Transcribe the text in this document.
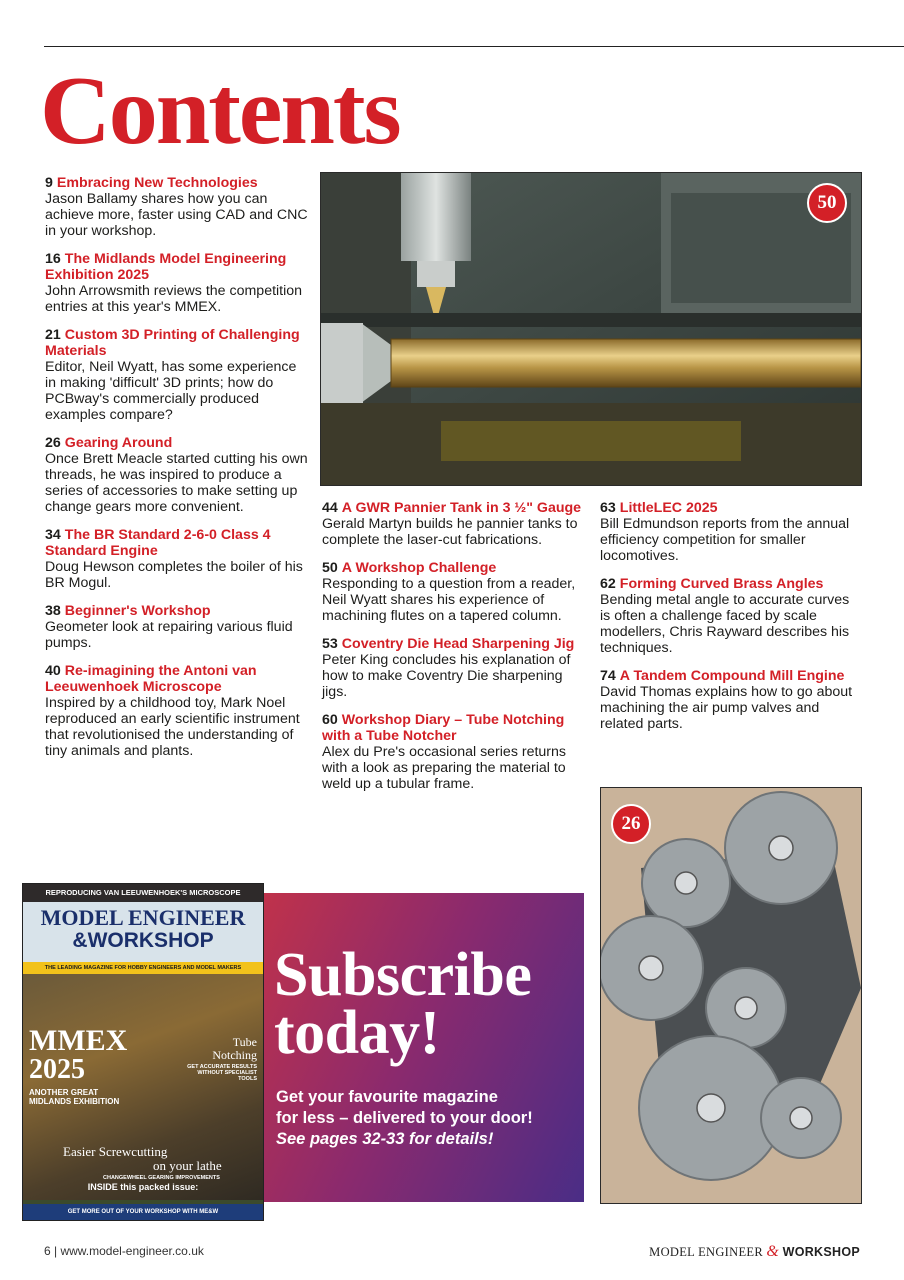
Contents
9 Embracing New Technologies
Jason Ballamy shares how you can achieve more, faster using CAD and CNC in your workshop.
16 The Midlands Model Engineering Exhibition 2025
John Arrowsmith reviews the competition entries at this year's MMEX.
21 Custom 3D Printing of Challenging Materials
Editor, Neil Wyatt, has some experience in making 'difficult' 3D prints; how do PCBway's commercially produced examples compare?
26 Gearing Around
Once Brett Meacle started cutting his own threads, he was inspired to produce a series of accessories to make setting up change gears more convenient.
34 The BR Standard 2-6-0 Class 4 Standard Engine
Doug Hewson completes the boiler of his BR Mogul.
38 Beginner's Workshop
Geometer look at repairing various fluid pumps.
40 Re-imagining the Antoni van Leeuwenhoek Microscope
Inspired by a childhood toy, Mark Noel reproduced an early scientific instrument that revolutionised the understanding of tiny animals and plants.
44 A GWR Pannier Tank in 3 ½" Gauge
Gerald Martyn builds he pannier tanks to complete the laser-cut fabrications.
50 A Workshop Challenge
Responding to a question from a reader, Neil Wyatt shares his experience of machining flutes on a tapered column.
53 Coventry Die Head Sharpening Jig
Peter King concludes his explanation of how to make Coventry Die sharpening jigs.
60 Workshop Diary – Tube Notching with a Tube Notcher
Alex du Pre's occasional series returns with a look as preparing the material to weld up a tubular frame.
63 LittleLEC 2025
Bill Edmundson reports from the annual efficiency competition for smaller locomotives.
62 Forming Curved Brass Angles
Bending metal angle to accurate curves is often a challenge faced by scale modellers, Chris Rayward describes his techniques.
74 A Tandem Compound Mill Engine
David Thomas explains how to go about machining the air pump valves and related parts.
50
26
Subscribe
today!
Get your favourite magazine
for less – delivered to your door!
See pages 32-33 for details!
REPRODUCING VAN LEEUWENHOEK'S MICROSCOPE
MODEL ENGINEER
&WORKSHOP
THE LEADING MAGAZINE FOR HOBBY ENGINEERS AND MODEL MAKERS
MMEX
2025
ANOTHER GREAT
MIDLANDS EXHIBITION
Tube Notching
GET ACCURATE RESULTS WITHOUT SPECIALIST TOOLS
Easier Screwcutting
on your lathe
CHANGEWHEEL GEARING IMPROVEMENTS
INSIDE this packed issue:
GET MORE OUT OF YOUR WORKSHOP WITH ME&W
6 | www.model-engineer.co.uk	MODEL ENGINEER & WORKSHOP
